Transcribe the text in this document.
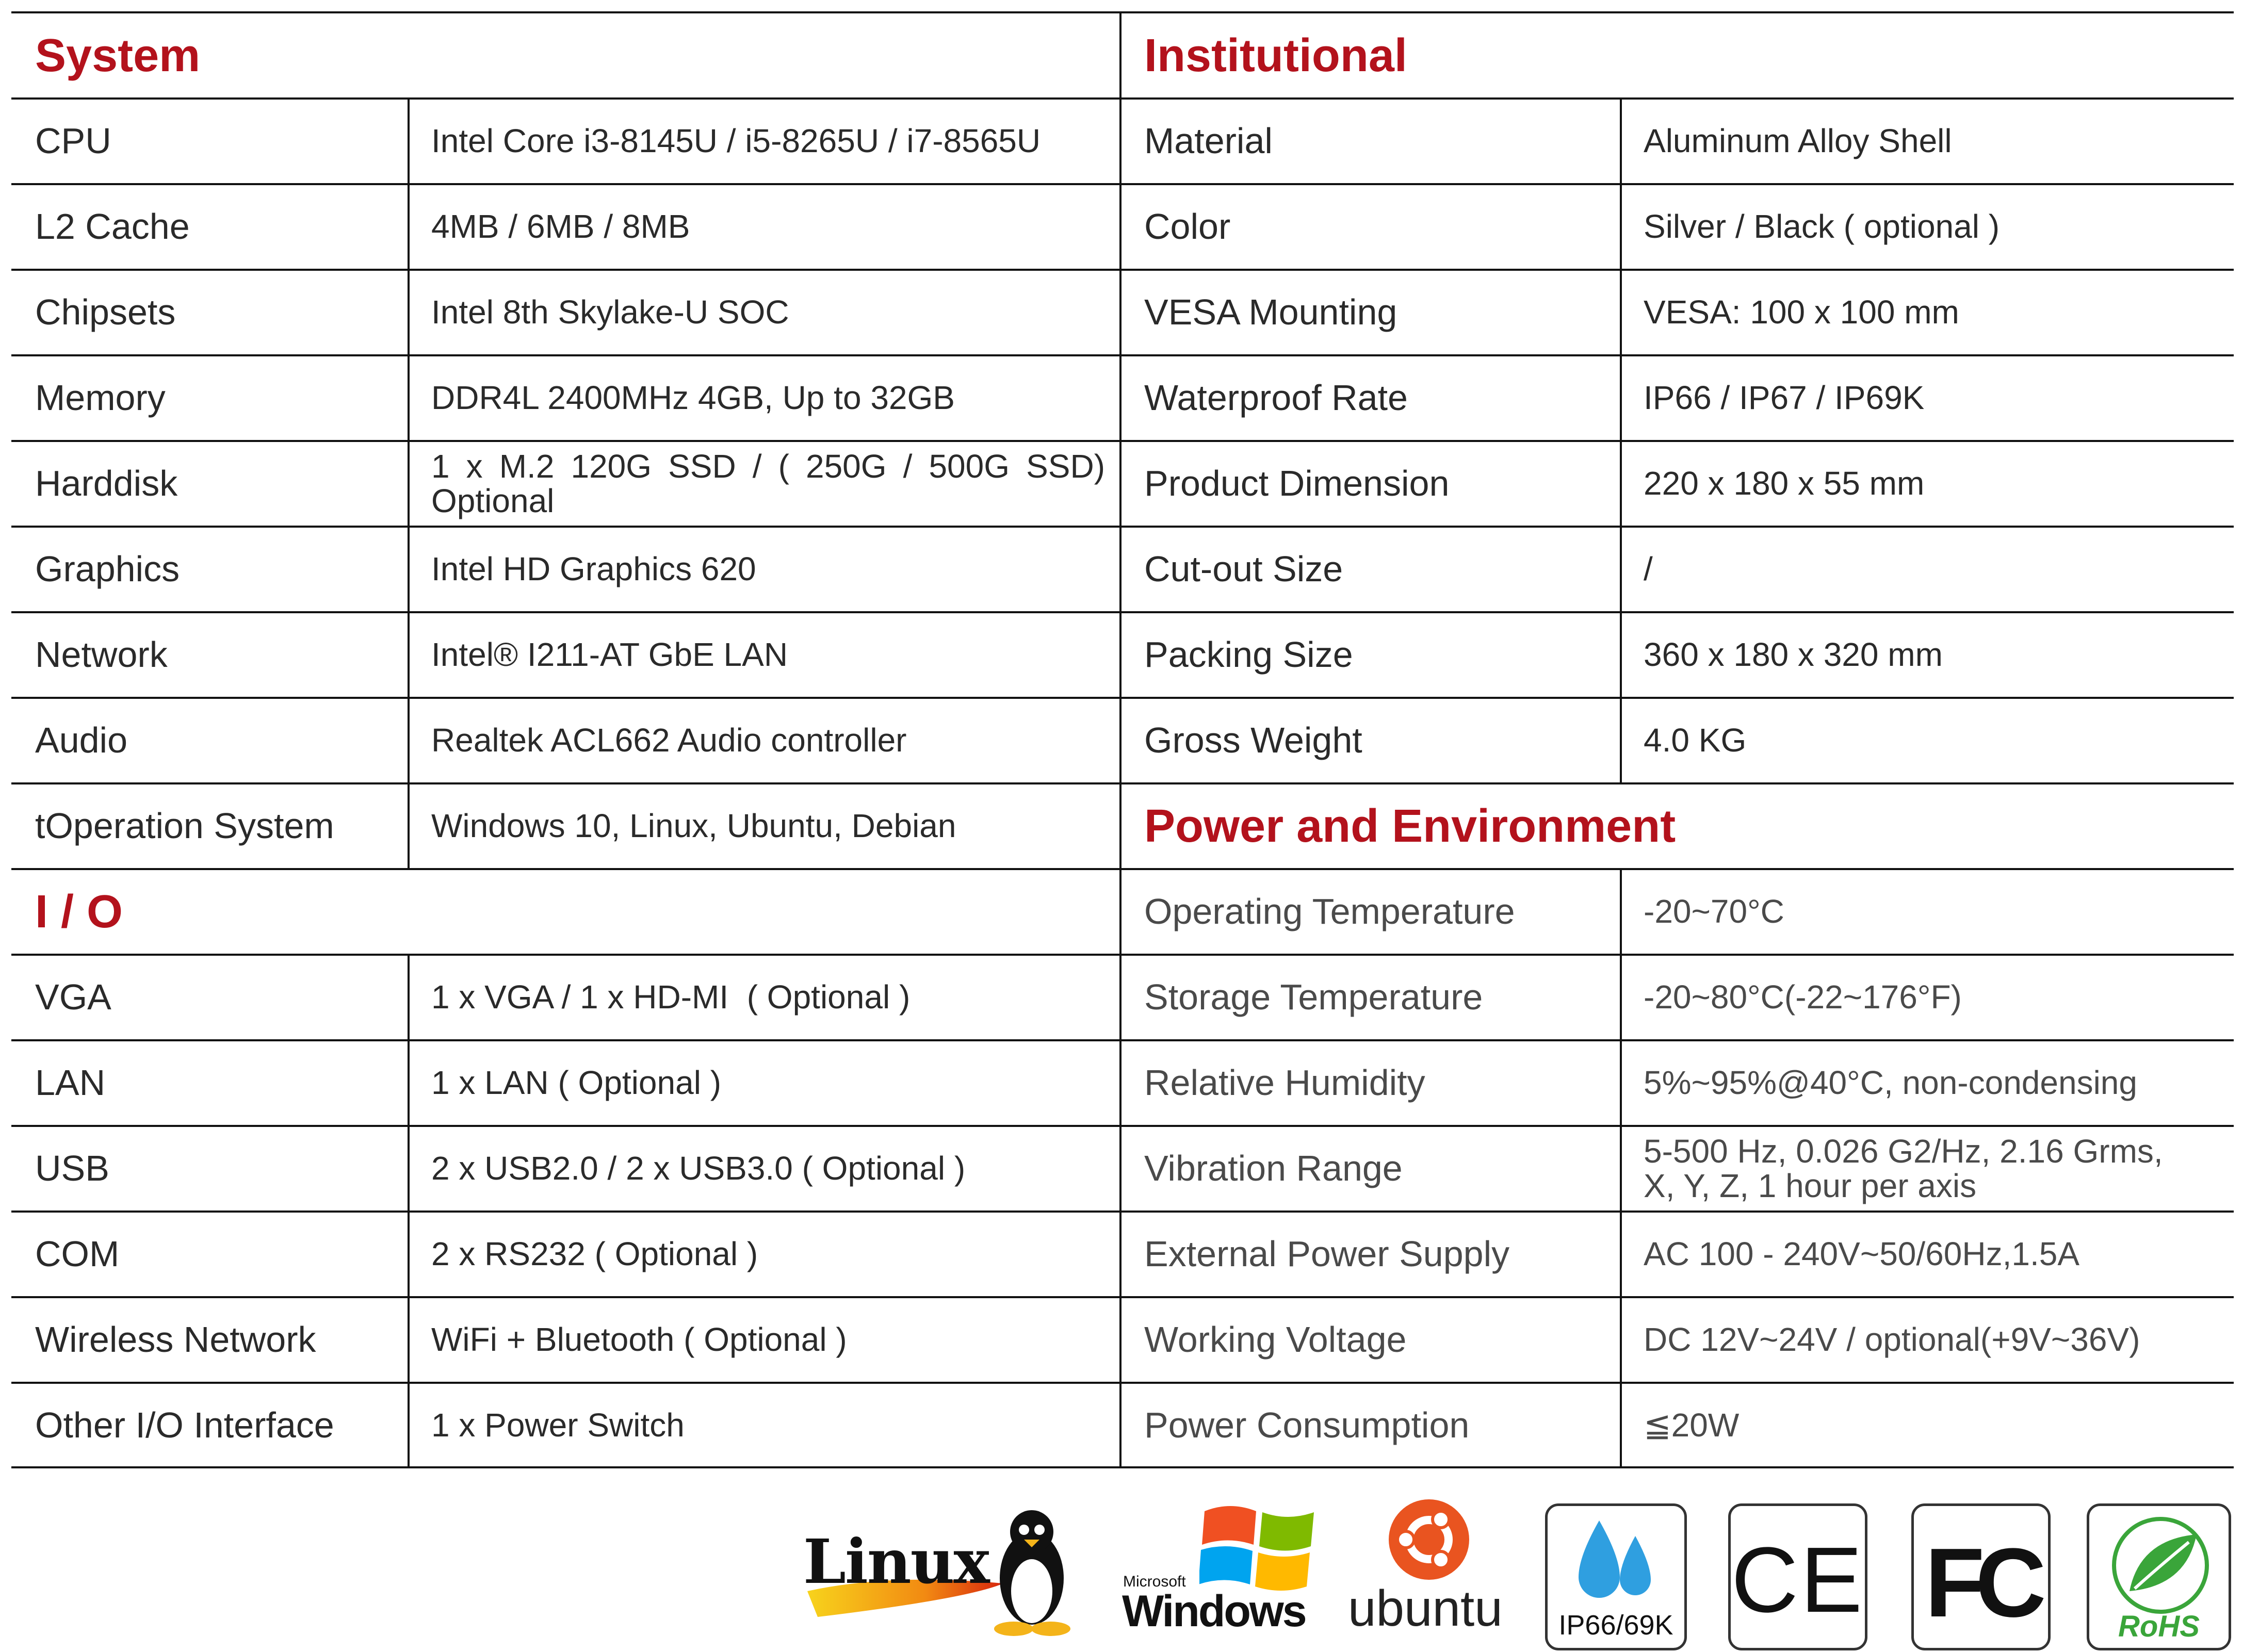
System
CPU	Intel Core i3-8145U / i5-8265U / i7-8565U
L2 Cache	4MB / 6MB / 8MB
Chipsets	Intel 8th Skylake-U SOC
Memory	DDR4L 2400MHz 4GB, Up to 32GB
Harddisk	1 x M.2 120G SSD / ( 250G / 500G SSD) Optional
Graphics	Intel HD Graphics 620
Network	Intel® I211-AT GbE LAN
Audio	Realtek ACL662 Audio controller
tOperation System	Windows 10, Linux, Ubuntu, Debian
I / O
VGA	1 x VGA / 1 x HD-MI  ( Optional )
LAN	1 x LAN ( Optional )
USB	2 x USB2.0 / 2 x USB3.0 ( Optional )
COM	2 x RS232 ( Optional )
Wireless Network	WiFi + Bluetooth ( Optional )
Other I/O Interface	1 x Power Switch
Institutional
Material	Aluminum Alloy Shell
Color	Silver / Black ( optional )
VESA Mounting	VESA: 100 x 100 mm
Waterproof Rate	IP66 / IP67 / IP69K
Product Dimension	220 x 180 x 55 mm
Cut-out Size	/
Packing Size	360 x 180 x 320 mm
Gross Weight	4.0 KG
Power and Environment
Operating Temperature	-20~70°C
Storage Temperature	-20~80°C(-22~176°F)
Relative Humidity	5%~95%@40°C, non-condensing
Vibration Range	5-500 Hz, 0.026 G2/Hz, 2.16 Grms, X, Y, Z, 1 hour per axis
External Power Supply	AC 100 - 240V~50/60Hz,1.5A
Working Voltage	DC 12V~24V / optional(+9V~36V)
Power Consumption	≦20W
Linux	Microsoft
Windows ubuntu	IP66/69K CE FC	RoHS
